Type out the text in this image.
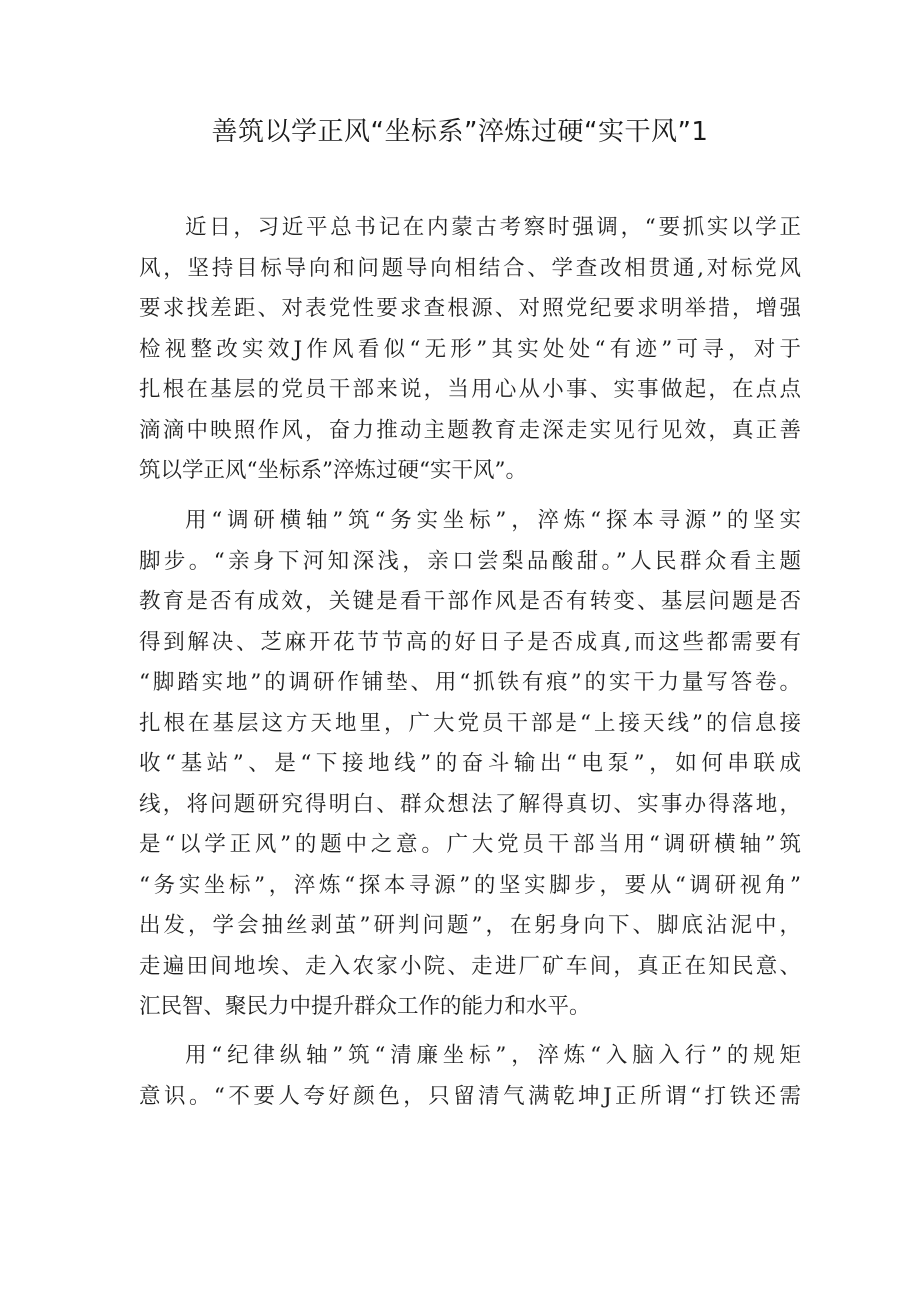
善筑以学正风“坐标系”淬炼过硬“实干风”1
近日，习近平总书记在内蒙古考察时强调，“要抓实以学正
风，坚持目标导向和问题导向相结合、学查改相贯通,对标党风
要求找差距、对表党性要求查根源、对照党纪要求明举措，增强
检视整改实效J作风看似“无形”其实处处“有迹”可寻，对于
扎根在基层的党员干部来说，当用心从小事、实事做起，在点点
滴滴中映照作风，奋力推动主题教育走深走实见行见效，真正善
筑以学正风“坐标系”淬炼过硬“实干风”。
用“调研横轴”筑“务实坐标”，淬炼“探本寻源”的坚实
脚步。“亲身下河知深浅，亲口尝梨品酸甜。”人民群众看主题
教育是否有成效，关键是看干部作风是否有转变、基层问题是否
得到解决、芝麻开花节节高的好日子是否成真,而这些都需要有
“脚踏实地”的调研作铺垫、用“抓铁有痕”的实干力量写答卷。
扎根在基层这方天地里，广大党员干部是“上接天线”的信息接
收“基站”、是“下接地线”的奋斗输出“电泵”，如何串联成
线，将问题研究得明白、群众想法了解得真切、实事办得落地，
是“以学正风”的题中之意。广大党员干部当用“调研横轴”筑
“务实坐标”，淬炼“探本寻源”的坚实脚步，要从“调研视角”
出发，学会抽丝剥茧”研判问题”，在躬身向下、脚底沾泥中，
走遍田间地埃、走入农家小院、走进厂矿车间，真正在知民意、
汇民智、聚民力中提升群众工作的能力和水平。
用“纪律纵轴”筑“清廉坐标”，淬炼“入脑入行”的规矩
意识。“不要人夸好颜色，只留清气满乾坤J正所谓“打铁还需
